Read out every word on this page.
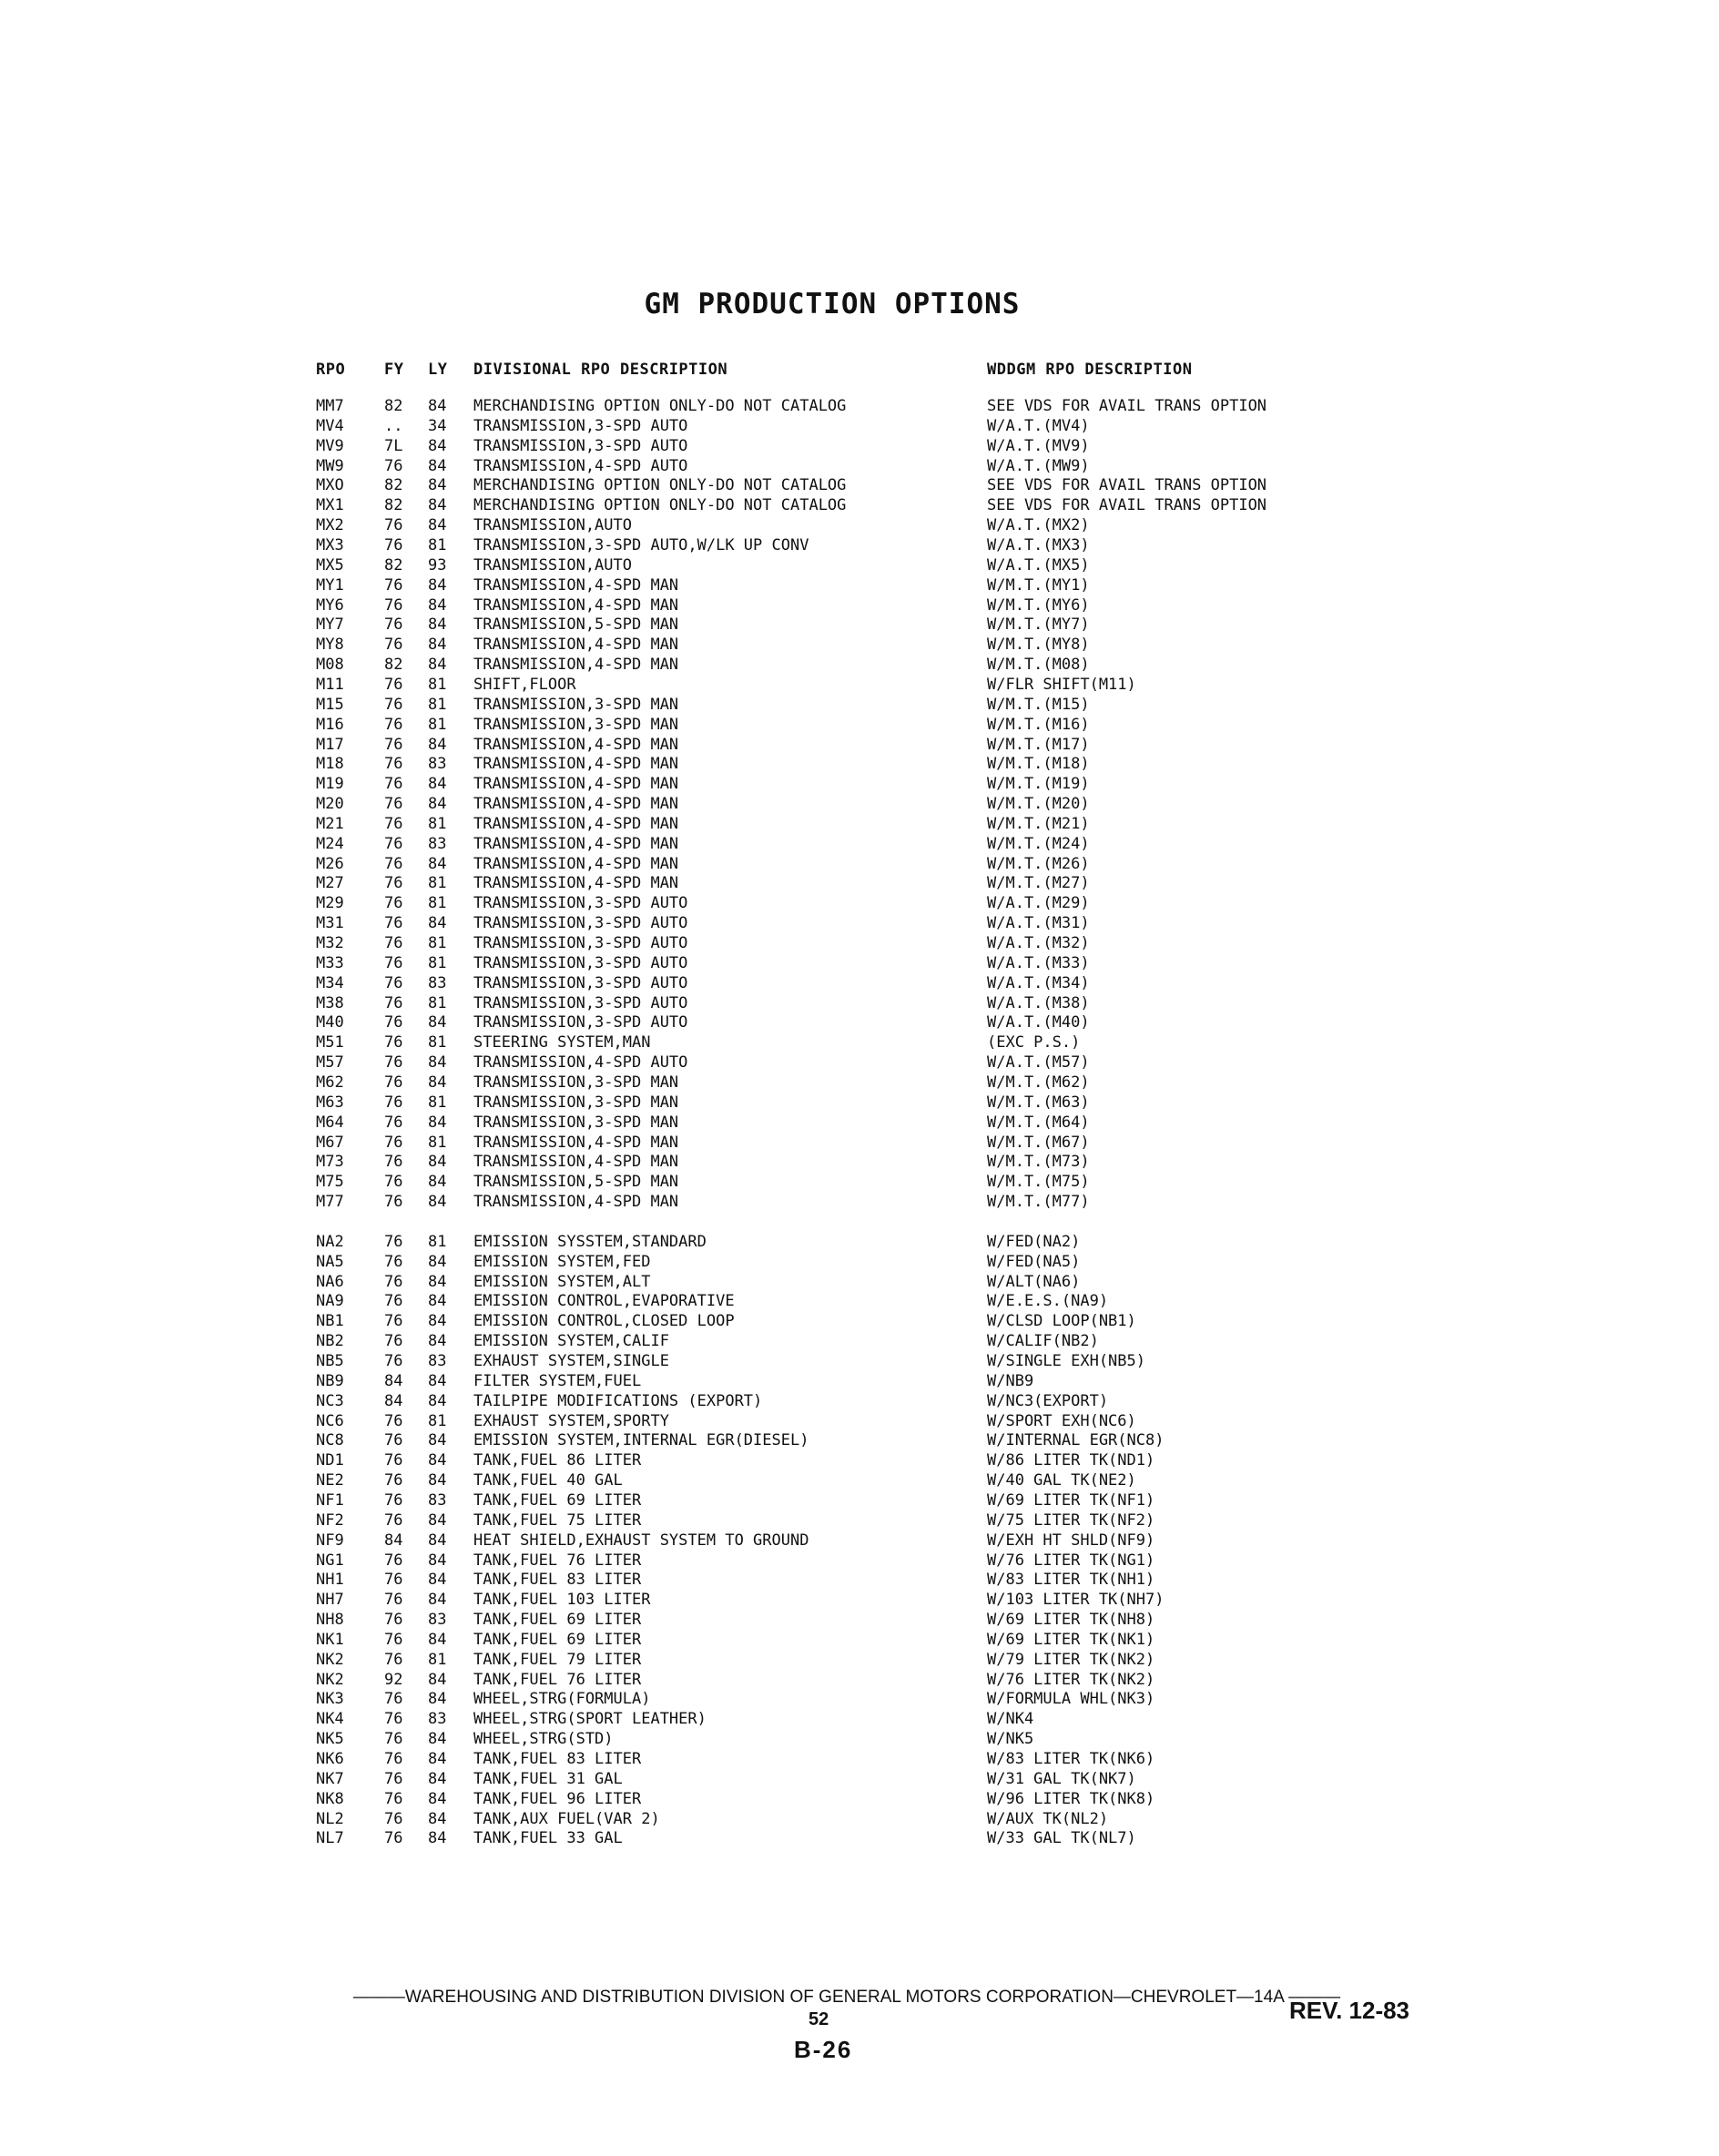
GM PRODUCTION OPTIONS
RPO	FY LY DIVISIONAL RPO DESCRIPTION	WDDGM RPO DESCRIPTION
MM7	82 84 MERCHANDISING OPTION ONLY-DO NOT CATALOG	SEE VDS FOR AVAIL TRANS OPTION
MV4	.. 34 TRANSMISSION,3-SPD AUTO	W/A.T.(MV4)
MV9	7L 84 TRANSMISSION,3-SPD AUTO	W/A.T.(MV9)
MW9	76 84 TRANSMISSION,4-SPD AUTO	W/A.T.(MW9)
MXO	82 84 MERCHANDISING OPTION ONLY-DO NOT CATALOG	SEE VDS FOR AVAIL TRANS OPTION
MX1	82 84 MERCHANDISING OPTION ONLY-DO NOT CATALOG	SEE VDS FOR AVAIL TRANS OPTION
MX2	76 84 TRANSMISSION,AUTO	W/A.T.(MX2)
MX3	76 81 TRANSMISSION,3-SPD AUTO,W/LK UP CONV	W/A.T.(MX3)
MX5	82 93 TRANSMISSION,AUTO	W/A.T.(MX5)
MY1	76 84 TRANSMISSION,4-SPD MAN	W/M.T.(MY1)
MY6	76 84 TRANSMISSION,4-SPD MAN	W/M.T.(MY6)
MY7	76 84 TRANSMISSION,5-SPD MAN	W/M.T.(MY7)
MY8	76 84 TRANSMISSION,4-SPD MAN	W/M.T.(MY8)
M08	82 84 TRANSMISSION,4-SPD MAN	W/M.T.(M08)
M11	76 81 SHIFT,FLOOR	W/FLR SHIFT(M11)
M15	76 81 TRANSMISSION,3-SPD MAN	W/M.T.(M15)
M16	76 81 TRANSMISSION,3-SPD MAN	W/M.T.(M16)
M17	76 84 TRANSMISSION,4-SPD MAN	W/M.T.(M17)
M18	76 83 TRANSMISSION,4-SPD MAN	W/M.T.(M18)
M19	76 84 TRANSMISSION,4-SPD MAN	W/M.T.(M19)
M20	76 84 TRANSMISSION,4-SPD MAN	W/M.T.(M20)
M21	76 81 TRANSMISSION,4-SPD MAN	W/M.T.(M21)
M24	76 83 TRANSMISSION,4-SPD MAN	W/M.T.(M24)
M26	76 84 TRANSMISSION,4-SPD MAN	W/M.T.(M26)
M27	76 81 TRANSMISSION,4-SPD MAN	W/M.T.(M27)
M29	76 81 TRANSMISSION,3-SPD AUTO	W/A.T.(M29)
M31	76 84 TRANSMISSION,3-SPD AUTO	W/A.T.(M31)
M32	76 81 TRANSMISSION,3-SPD AUTO	W/A.T.(M32)
M33	76 81 TRANSMISSION,3-SPD AUTO	W/A.T.(M33)
M34	76 83 TRANSMISSION,3-SPD AUTO	W/A.T.(M34)
M38	76 81 TRANSMISSION,3-SPD AUTO	W/A.T.(M38)
M40	76 84 TRANSMISSION,3-SPD AUTO	W/A.T.(M40)
M51	76 81 STEERING SYSTEM,MAN	(EXC P.S.)
M57	76 84 TRANSMISSION,4-SPD AUTO	W/A.T.(M57)
M62	76 84 TRANSMISSION,3-SPD MAN	W/M.T.(M62)
M63	76 81 TRANSMISSION,3-SPD MAN	W/M.T.(M63)
M64	76 84 TRANSMISSION,3-SPD MAN	W/M.T.(M64)
M67	76 81 TRANSMISSION,4-SPD MAN	W/M.T.(M67)
M73	76 84 TRANSMISSION,4-SPD MAN	W/M.T.(M73)
M75	76 84 TRANSMISSION,5-SPD MAN	W/M.T.(M75)
M77	76 84 TRANSMISSION,4-SPD MAN	W/M.T.(M77)
NA2	76 81 EMISSION SYSSTEM,STANDARD	W/FED(NA2)
NA5	76 84 EMISSION SYSTEM,FED	W/FED(NA5)
NA6	76 84 EMISSION SYSTEM,ALT	W/ALT(NA6)
NA9	76 84 EMISSION CONTROL,EVAPORATIVE	W/E.E.S.(NA9)
NB1	76 84 EMISSION CONTROL,CLOSED LOOP	W/CLSD LOOP(NB1)
NB2	76 84 EMISSION SYSTEM,CALIF	W/CALIF(NB2)
NB5	76 83 EXHAUST SYSTEM,SINGLE	W/SINGLE EXH(NB5)
NB9	84 84 FILTER SYSTEM,FUEL	W/NB9
NC3	84 84 TAILPIPE MODIFICATIONS (EXPORT)	W/NC3(EXPORT)
NC6	76 81 EXHAUST SYSTEM,SPORTY	W/SPORT EXH(NC6)
NC8	76 84 EMISSION SYSTEM,INTERNAL EGR(DIESEL)	W/INTERNAL EGR(NC8)
ND1	76 84 TANK,FUEL 86 LITER	W/86 LITER TK(ND1)
NE2	76 84 TANK,FUEL 40 GAL	W/40 GAL TK(NE2)
NF1	76 83 TANK,FUEL 69 LITER	W/69 LITER TK(NF1)
NF2	76 84 TANK,FUEL 75 LITER	W/75 LITER TK(NF2)
NF9	84 84 HEAT SHIELD,EXHAUST SYSTEM TO GROUND	W/EXH HT SHLD(NF9)
NG1	76 84 TANK,FUEL 76 LITER	W/76 LITER TK(NG1)
NH1	76 84 TANK,FUEL 83 LITER	W/83 LITER TK(NH1)
NH7	76 84 TANK,FUEL 103 LITER	W/103 LITER TK(NH7)
NH8	76 83 TANK,FUEL 69 LITER	W/69 LITER TK(NH8)
NK1	76 84 TANK,FUEL 69 LITER	W/69 LITER TK(NK1)
NK2	76 81 TANK,FUEL 79 LITER	W/79 LITER TK(NK2)
NK2	92 84 TANK,FUEL 76 LITER	W/76 LITER TK(NK2)
NK3	76 84 WHEEL,STRG(FORMULA)	W/FORMULA WHL(NK3)
NK4	76 83 WHEEL,STRG(SPORT LEATHER)	W/NK4
NK5	76 84 WHEEL,STRG(STD)	W/NK5
NK6	76 84 TANK,FUEL 83 LITER	W/83 LITER TK(NK6)
NK7	76 84 TANK,FUEL 31 GAL	W/31 GAL TK(NK7)
NK8	76 84 TANK,FUEL 96 LITER	W/96 LITER TK(NK8)
NL2	76 84 TANK,AUX FUEL(VAR 2)	W/AUX TK(NL2)
NL7	76 84 TANK,FUEL 33 GAL	W/33 GAL TK(NL7)
———WAREHOUSING AND DISTRIBUTION DIVISION OF GENERAL MOTORS CORPORATION—CHEVROLET—14A ———
REV. 12-83
52
B-26
